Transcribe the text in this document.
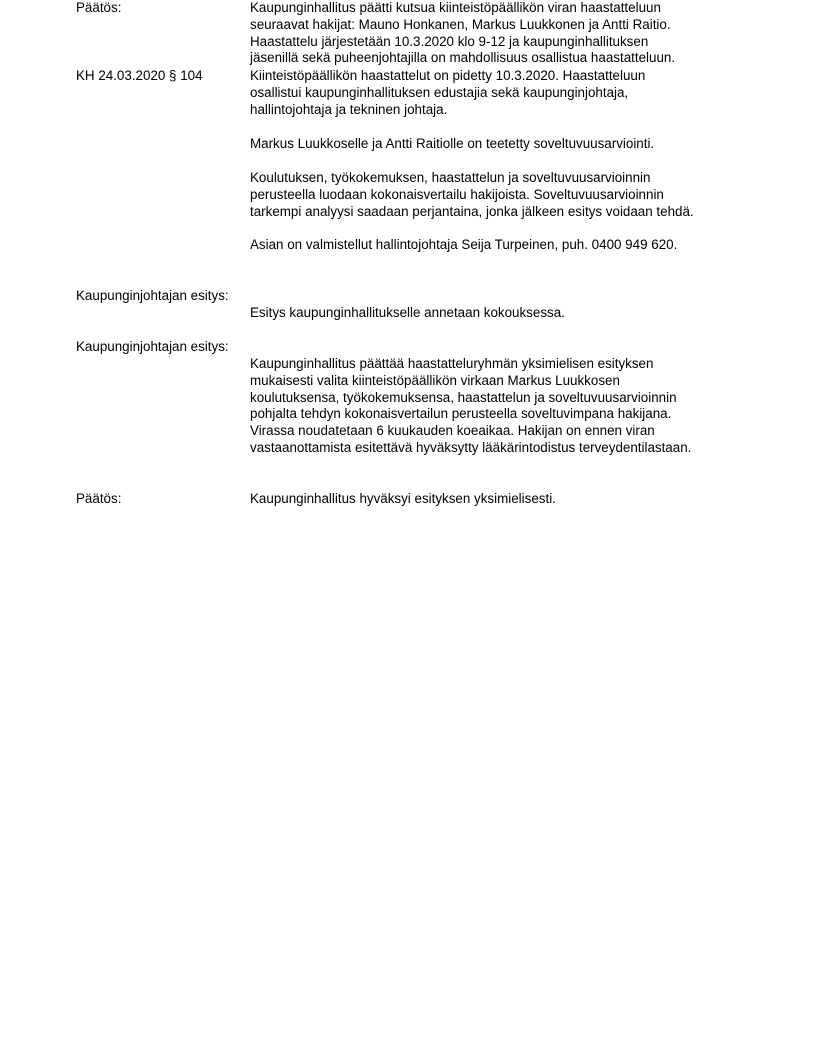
Päätös:	Kaupunginhallitus päätti kutsua kiinteistöpäällikön viran haastatteluun
seuraavat hakijat: Mauno Honkanen, Markus Luukkonen ja Antti Raitio.
Haastattelu järjestetään 10.3.2020 klo 9-12 ja kaupunginhallituksen
jäsenillä sekä puheenjohtajilla on mahdollisuus osallistua haastatteluun.

KH 24.03.2020 § 104	Kiinteistöpäällikön haastattelut on pidetty 10.3.2020. Haastatteluun
osallistui kaupunginhallituksen edustajia sekä kaupunginjohtaja,
hallintojohtaja ja tekninen johtaja.

Markus Luukkoselle ja Antti Raitiolle on teetetty soveltuvuusarviointi.

Koulutuksen, työkokemuksen, haastattelun ja soveltuvuusarvioinnin
perusteella luodaan kokonaisvertailu hakijoista. Soveltuvuusarvioinnin
tarkempi analyysi saadaan perjantaina, jonka jälkeen esitys voidaan tehdä.

Asian on valmistellut hallintojohtaja Seija Turpeinen, puh. 0400 949 620.

Kaupunginjohtajan esitys:

Esitys kaupunginhallitukselle annetaan kokouksessa.

Kaupunginjohtajan esitys:

Kaupunginhallitus päättää haastatteluryhmän yksimielisen esityksen
mukaisesti valita kiinteistöpäällikön virkaan Markus Luukkosen
koulutuksensa, työkokemuksensa, haastattelun ja soveltuvuusarvioinnin
pohjalta tehdyn kokonaisvertailun perusteella soveltuvimpana hakijana.
Virassa noudatetaan 6 kuukauden koeaikaa. Hakijan on ennen viran
vastaanottamista esitettävä hyväksytty lääkärintodistus terveydentilastaan.

Päätös:	Kaupunginhallitus hyväksyi esityksen yksimielisesti.
